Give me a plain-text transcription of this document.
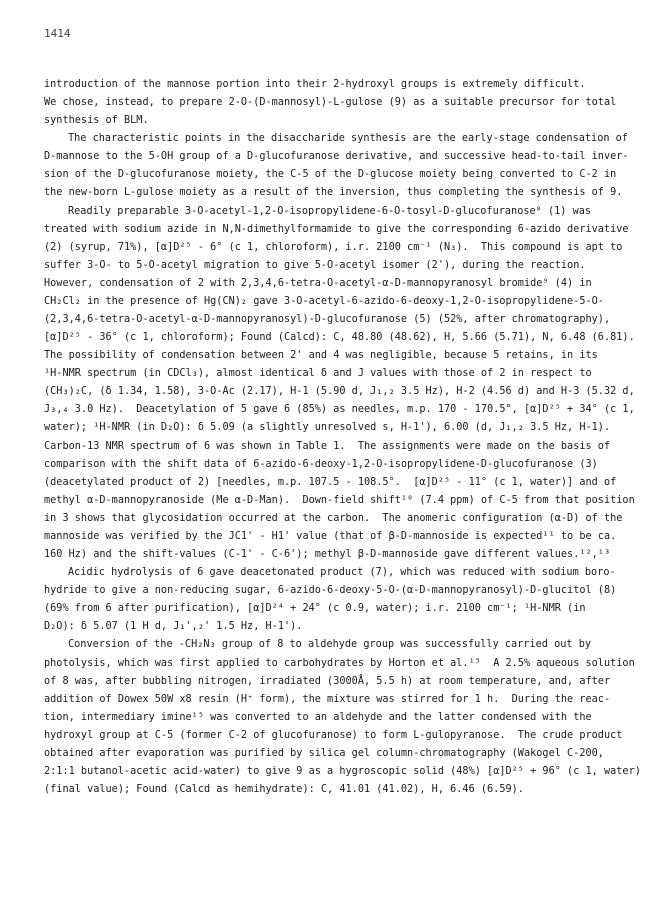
1414
introduction of the mannose portion into their 2-hydroxyl groups is extremely difficult.
We chose, instead, to prepare 2-O-(D-mannosyl)-L-gulose (9) as a suitable precursor for total
synthesis of BLM.
The characteristic points in the disaccharide synthesis are the early-stage condensation of
D-mannose to the 5-OH group of a D-glucofuranose derivative, and successive head-to-tail inver-
sion of the D-glucofuranose moiety, the C-5 of the D-glucose moiety being converted to C-2 in
the new-born L-gulose moiety as a result of the inversion, thus completing the synthesis of 9.
Readily preparable 3-O-acetyl-1,2-O-isopropylidene-6-O-tosyl-D-glucofuranose⁸ (1) was
treated with sodium azide in N,N-dimethylformamide to give the corresponding 6-azido derivative
(2) (syrup, 71%), [α]D²⁵ - 6° (c 1, chloroform), i.r. 2100 cm⁻¹ (N₃).  This compound is apt to
suffer 3-O- to 5-O-acetyl migration to give 5-O-acetyl isomer (2'), during the reaction.
However, condensation of 2 with 2,3,4,6-tetra-O-acetyl-α-D-mannopyranosyl bromide⁹ (4) in
CH₂Cl₂ in the presence of Hg(CN)₂ gave 3-O-acetyl-6-azido-6-deoxy-1,2-O-isopropylidene-5-O-
(2,3,4,6-tetra-O-acetyl-α-D-mannopyranosyl)-D-glucofuranose (5) (52%, after chromatography),
[α]D²⁵ - 36° (c 1, chloroform); Found (Calcd): C, 48.80 (48.62), H, 5.66 (5.71), N, 6.48 (6.81).
The possibility of condensation between 2' and 4 was negligible, because 5 retains, in its
¹H-NMR spectrum (in CDCl₃), almost identical δ and J values with those of 2 in respect to
(CH₃)₂C, (δ 1.34, 1.58), 3-O-Ac (2.17), H-1 (5.90 d, J₁,₂ 3.5 Hz), H-2 (4.56 d) and H-3 (5.32 d,
J₃,₄ 3.0 Hz).  Deacetylation of 5 gave 6 (85%) as needles, m.p. 170 - 170.5°, [α]D²⁵ + 34° (c 1,
water); ¹H-NMR (in D₂O): δ 5.09 (a slightly unresolved s, H-1'), 6.00 (d, J₁,₂ 3.5 Hz, H-1).
Carbon-13 NMR spectrum of 6 was shown in Table 1.  The assignments were made on the basis of
comparison with the shift data of 6-azido-6-deoxy-1,2-O-isopropylidene-D-glucofuranose (3)
(deacetylated product of 2) [needles, m.p. 107.5 - 108.5°.  [α]D²⁵ - 11° (c 1, water)] and of
methyl α-D-mannopyranoside (Me α-D-Man).  Down-field shift¹⁰ (7.4 ppm) of C-5 from that position
in 3 shows that glycosidation occurred at the carbon.  The anomeric configuration (α-D) of the
mannoside was verified by the JC1' - H1' value (that of β-D-mannoside is expected¹¹ to be ca.
160 Hz) and the shift-values (C-1' - C-6'); methyl β-D-mannoside gave different values.¹²,¹³
Acidic hydrolysis of 6 gave deacetonated product (7), which was reduced with sodium boro-
hydride to give a non-reducing sugar, 6-azido-6-deoxy-5-O-(α-D-mannopyranosyl)-D-glucitol (8)
(69% from 6 after purification), [α]D²⁴ + 24° (c 0.9, water); i.r. 2100 cm⁻¹; ¹H-NMR (in
D₂O): δ 5.07 (1 H d, J₁',₂' 1.5 Hz, H-1').
Conversion of the -CH₂N₃ group of 8 to aldehyde group was successfully carried out by
photolysis, which was first applied to carbohydrates by Horton et al.¹⁵  A 2.5% aqueous solution
of 8 was, after bubbling nitrogen, irradiated (3000Å, 5.5 h) at room temperature, and, after
addition of Dowex 50W x8 resin (H⁺ form), the mixture was stirred for 1 h.  During the reac-
tion, intermediary imine¹⁵ was converted to an aldehyde and the latter condensed with the
hydroxyl group at C-5 (former C-2 of glucofuranose) to form L-gulopyranose.  The crude product
obtained after evaporation was purified by silica gel column-chromatography (Wakogel C-200,
2:1:1 butanol-acetic acid-water) to give 9 as a hygroscopic solid (48%) [α]D²⁵ + 96° (c 1, water)
(final value); Found (Calcd as hemihydrate): C, 41.01 (41.02), H, 6.46 (6.59).
